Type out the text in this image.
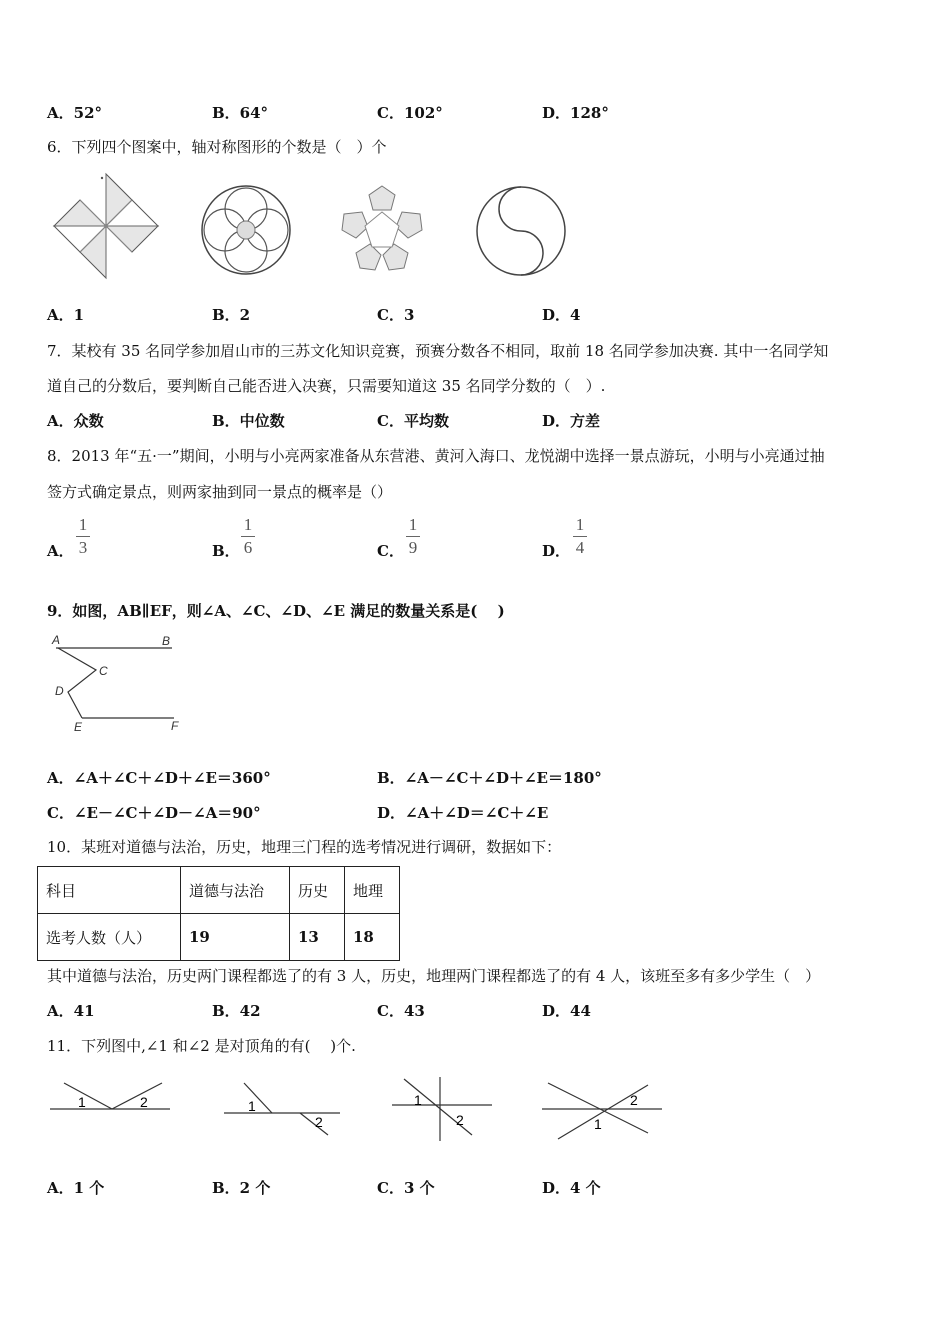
A．52°	B．64°	C．102°	D．128°
6．下列四个图案中，轴对称图形的个数是（　）个
A．1	B．2	C．3	D．4
7．某校有 35 名同学参加眉山市的三苏文化知识竞赛，预赛分数各不相同，取前 18 名同学参加决赛. 其中一名同学知
道自己的分数后，要判断自己能否进入决赛，只需要知道这 35 名同学分数的（　）.
A．众数	B．中位数	C．平均数	D．方差
8．2013 年“五·一”期间，小明与小亮两家准备从东营港、黄河入海口、龙悦湖中选择一景点游玩，小明与小亮通过抽
签方式确定景点，则两家抽到同一景点的概率是（）
A．
1
3	B．
1
6	C．
1
9	D．
1
4
9．如图，AB∥EF，则∠A、∠C、∠D、∠E 满足的数量关系是(　 )
A	B
C
D
E	F
A．∠A＋∠C＋∠D＋∠E＝360°	B．∠A－∠C＋∠D＋∠E＝180°
C．∠E－∠C＋∠D－∠A＝90°	D．∠A＋∠D＝∠C＋∠E
10．某班对道德与法治，历史，地理三门程的选考情况进行调研，数据如下：
科目	道德与法治	历史	地理
选考人数（人）	19	13	18
其中道德与法治，历史两门课程都选了的有 3 人，历史，地理两门课程都选了的有 4 人，该班至多有多少学生（　）
A．41	B．42	C．43	D．44
11．下列图中,∠1 和∠2 是对顶角的有(　 )个.
1	2	1
2
1
2
2
1
A．1 个	B．2 个	C．3 个	D．4 个
